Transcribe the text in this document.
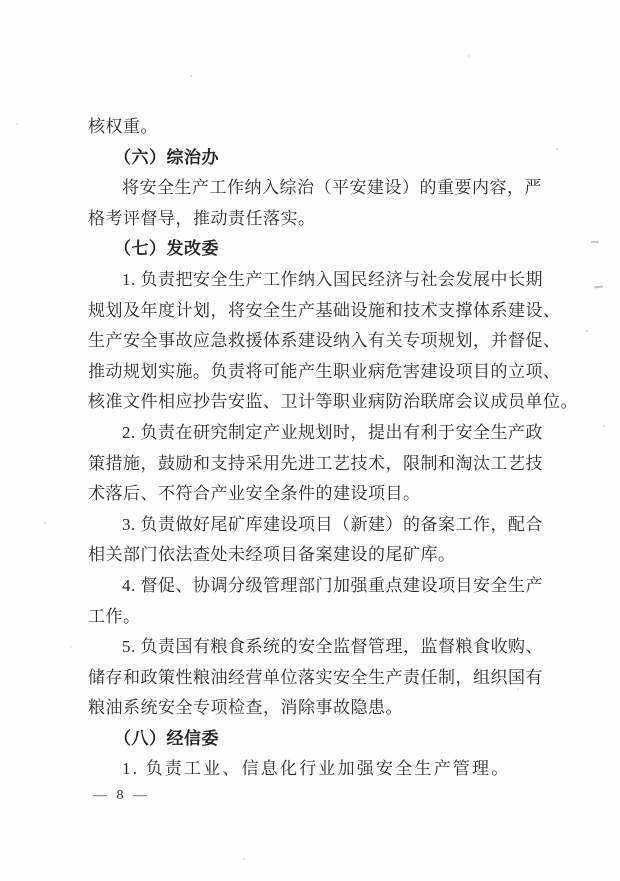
核权重。
（六）综治办
将安全生产工作纳入综治（平安建设）的重要内容，严
格考评督导，推动责任落实。
（七）发改委
1. 负责把安全生产工作纳入国民经济与社会发展中长期
规划及年度计划，将安全生产基础设施和技术支撑体系建设、
生产安全事故应急救援体系建设纳入有关专项规划，并督促、
推动规划实施。负责将可能产生职业病危害建设项目的立项、
核准文件相应抄告安监、卫计等职业病防治联席会议成员单位。
2. 负责在研究制定产业规划时，提出有利于安全生产政
策措施，鼓励和支持采用先进工艺技术，限制和淘汰工艺技
术落后、不符合产业安全条件的建设项目。
3. 负责做好尾矿库建设项目（新建）的备案工作，配合
相关部门依法查处未经项目备案建设的尾矿库。
4. 督促、协调分级管理部门加强重点建设项目安全生产
工作。
5. 负责国有粮食系统的安全监督管理，监督粮食收购、
储存和政策性粮油经营单位落实安全生产责任制，组织国有
粮油系统安全专项检查，消除事故隐患。
（八）经信委
1. 负责工业、信息化行业加强安全生产管理。
— 8 —
